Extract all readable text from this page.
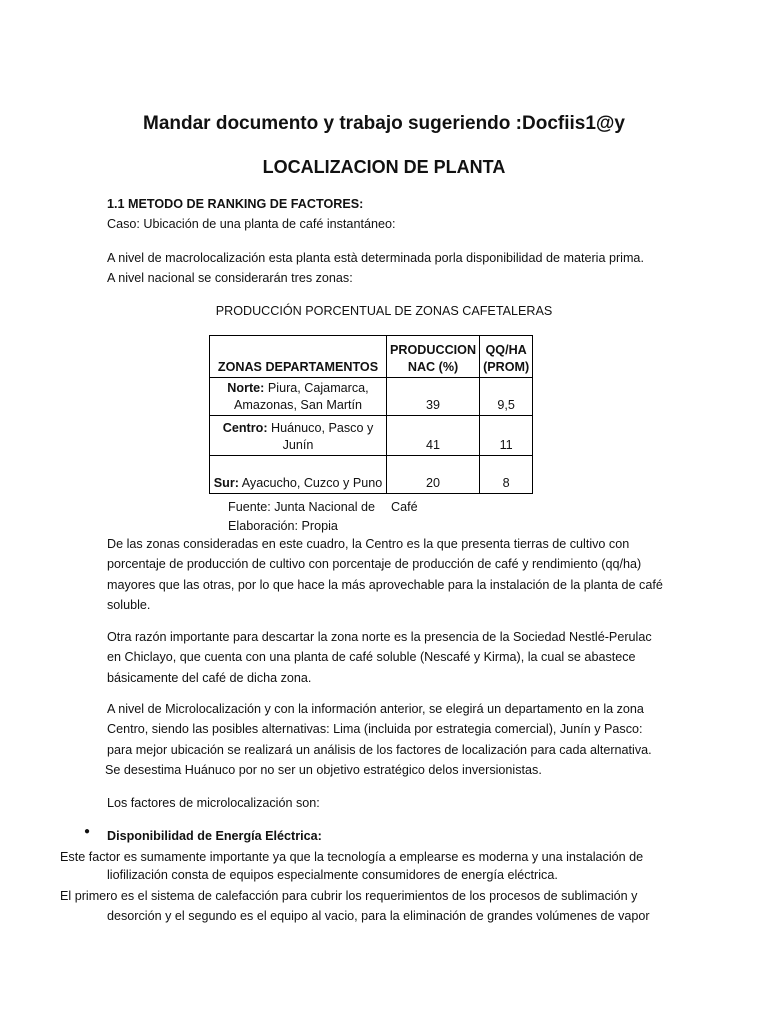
Mandar documento y trabajo sugeriendo :Docfiis1@y
LOCALIZACION DE PLANTA
1.1 METODO DE RANKING DE FACTORES:
Caso: Ubicación de una planta de café instantáneo:
A nivel de macrolocalización esta planta està determinada porla disponibilidad de materia prima.
A nivel nacional se considerarán tres zonas:
PRODUCCIÓN PORCENTUAL DE ZONAS CAFETALERAS
ZONAS DEPARTAMENTOS	PRODUCCION NAC (%)	QQ/HA (PROM)
Norte: Piura, Cajamarca, Amazonas, San Martín	39	9,5
Centro: Huánuco, Pasco y Junín	41	11
Sur: Ayacucho, Cuzco y Puno	20	8
Fuente: Junta Nacional de Café
Elaboración: Propia

De las zonas consideradas en este cuadro, la Centro es la que presenta tierras de cultivo con porcentaje de producción de cultivo con porcentaje de producción de café y rendimiento (qq/ha) mayores que las otras, por lo que hace la más aprovechable para la instalación de la planta de café soluble.

Otra razón importante para descartar la zona norte es la presencia de la Sociedad Nestlé-Perulac en Chiclayo, que cuenta con una planta de café soluble (Nescafé y Kirma), la cual se abastece básicamente del café de dicha zona.

A nivel de Microlocalización y con la información anterior, se elegirá un departamento en la zona Centro, siendo las posibles alternativas: Lima (incluida por estrategia comercial), Junín y Pasco: para mejor ubicación se realizará un análisis de los factores de localización para cada alternativa.

Se desestima Huánuco por no ser un objetivo estratégico delos inversionistas.
Los factores de microlocalización son:
● Disponibilidad de Energía Eléctrica:
Este factor es sumamente importante ya que la tecnología a emplearse es moderna y una instalación de
liofilización consta de equipos especialmente consumidores de energía eléctrica.
El primero es el sistema de calefacción para cubrir los requerimientos de los procesos de sublimación y
desorción y el segundo es el equipo al vacio, para la eliminación de grandes volúmenes de vapor
